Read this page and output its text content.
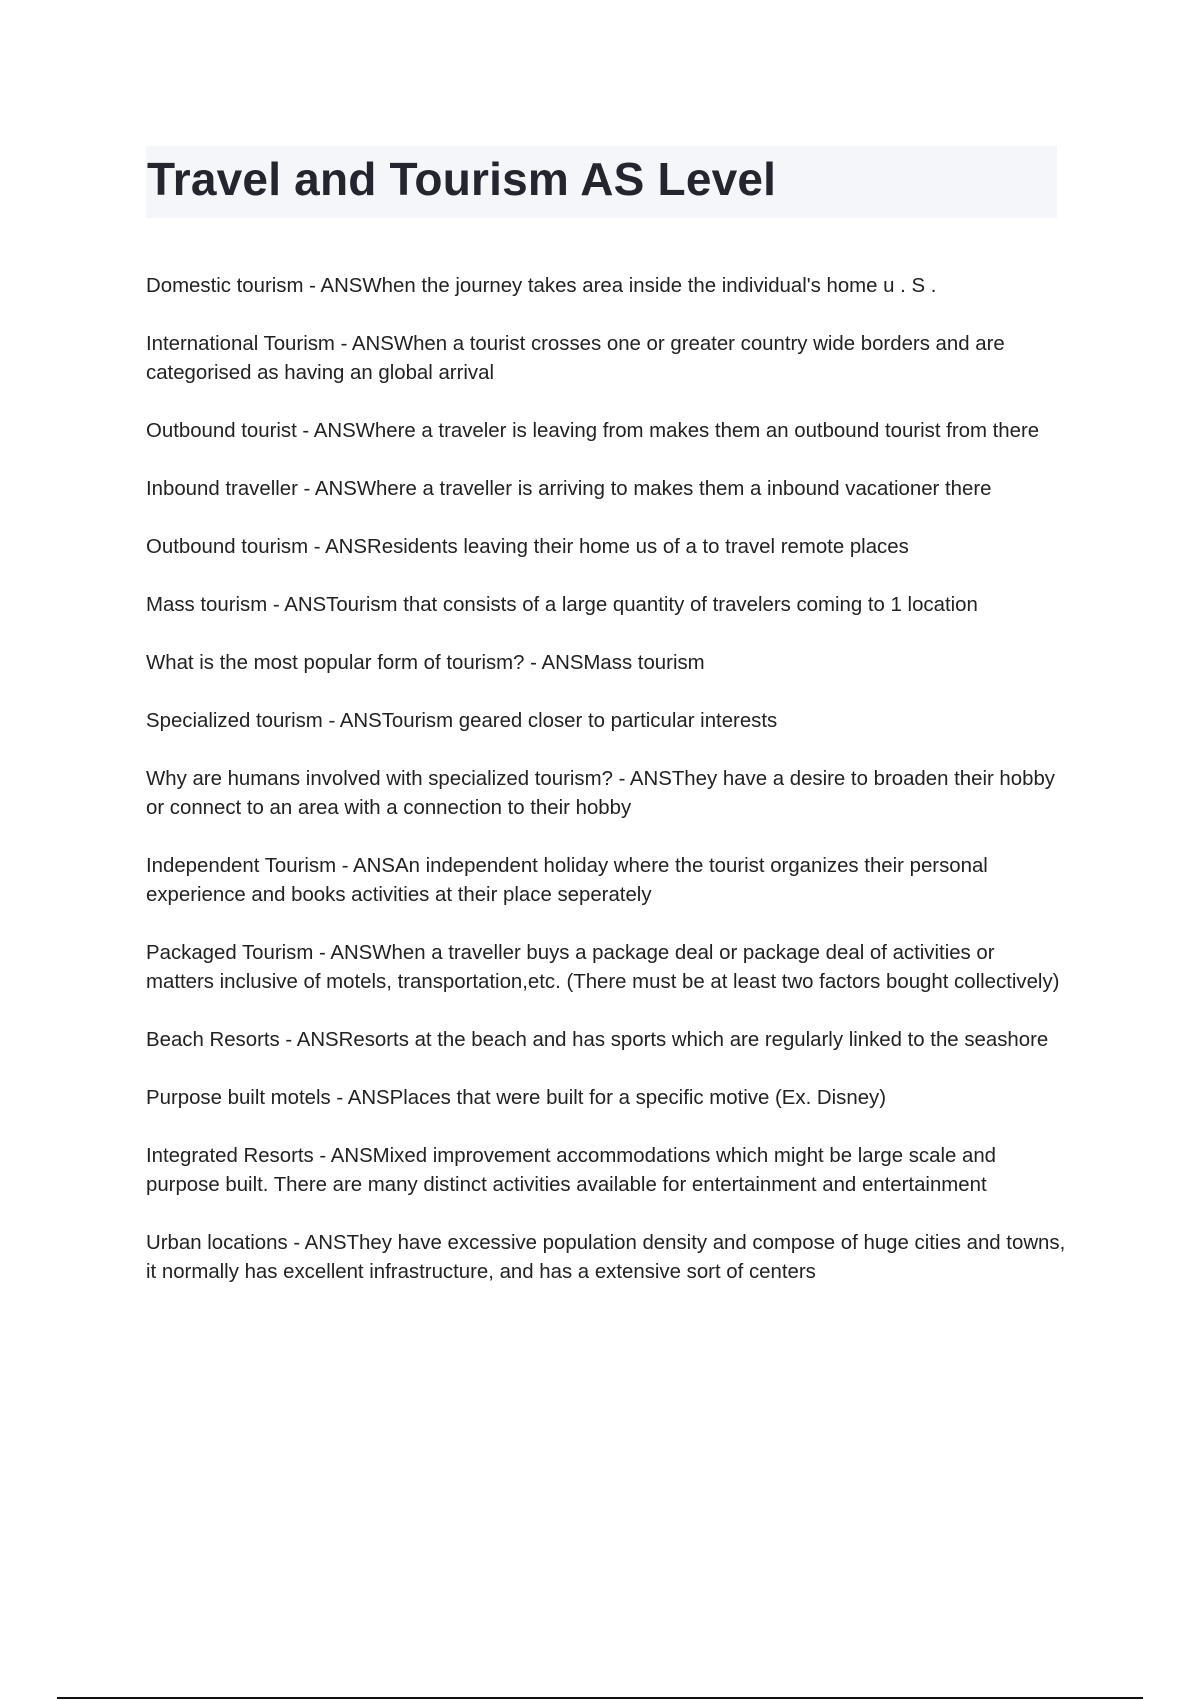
Travel and Tourism AS Level

Domestic tourism - ANSWhen the journey takes area inside the individual's home u . S .

International Tourism - ANSWhen a tourist crosses one or greater country wide borders and are categorised as having an global arrival

Outbound tourist - ANSWhere a traveler is leaving from makes them an outbound tourist from there

Inbound traveller - ANSWhere a traveller is arriving to makes them a inbound vacationer there

Outbound tourism - ANSResidents leaving their home us of a to travel remote places

Mass tourism - ANSTourism that consists of a large quantity of travelers coming to 1 location

What is the most popular form of tourism? - ANSMass tourism

Specialized tourism - ANSTourism geared closer to particular interests

Why are humans involved with specialized tourism? - ANSThey have a desire to broaden their hobby or connect to an area with a connection to their hobby

Independent Tourism - ANSAn independent holiday where the tourist organizes their personal experience and books activities at their place seperately

Packaged Tourism - ANSWhen a traveller buys a package deal or package deal of activities or matters inclusive of motels, transportation,etc. (There must be at least two factors bought collectively)

Beach Resorts - ANSResorts at the beach and has sports which are regularly linked to the seashore

Purpose built motels - ANSPlaces that were built for a specific motive (Ex. Disney)

Integrated Resorts - ANSMixed improvement accommodations which might be large scale and purpose built. There are many distinct activities available for entertainment and entertainment

Urban locations - ANSThey have excessive population density and compose of huge cities and towns, it normally has excellent infrastructure, and has a extensive sort of centers
